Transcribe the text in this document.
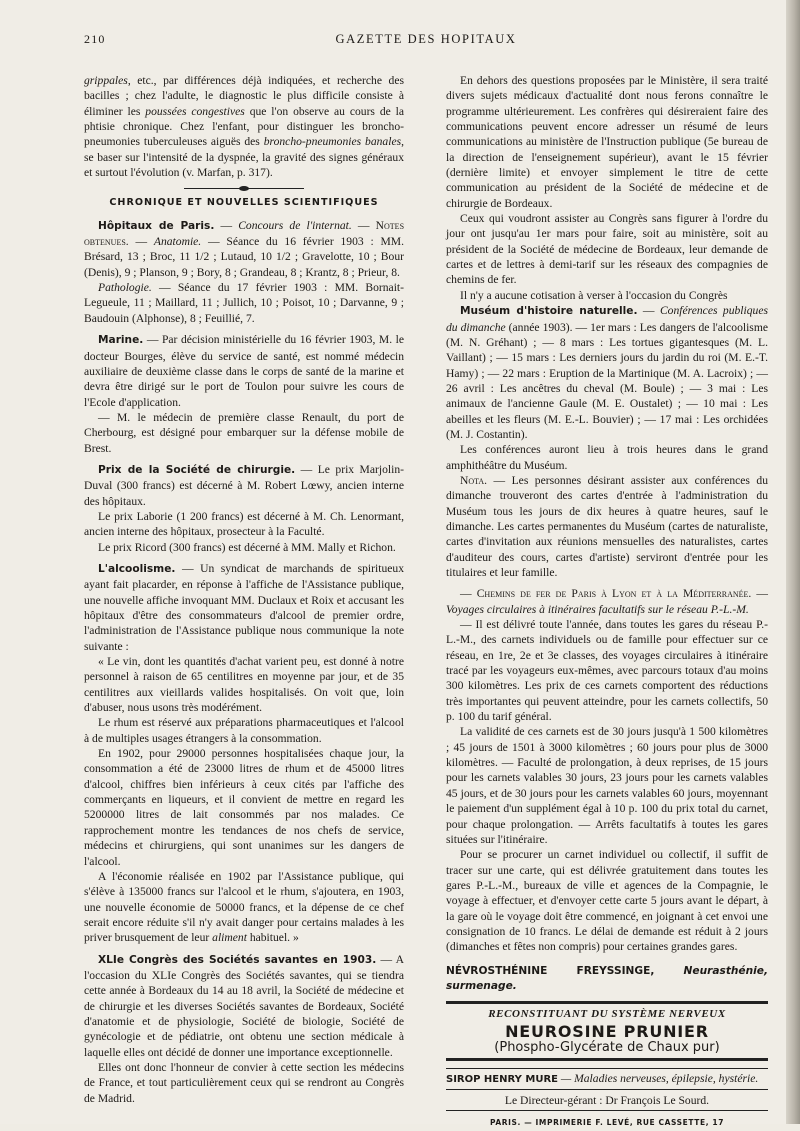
210	GAZETTE DES HOPITAUX

grippales, etc., par différences déjà indiquées, et recherche des bacilles ; chez l'adulte, le diagnostic le plus difficile consiste à éliminer les poussées congestives que l'on observe au cours de la phtisie chronique. Chez l'enfant, pour distinguer les broncho-pneumonies tuberculeuses aiguës des broncho-pneumonies banales, se baser sur l'intensité de la dyspnée, la gravité des signes généraux et surtout l'évolution (v. Marfan, p. 317).

CHRONIQUE ET NOUVELLES SCIENTIFIQUES

Hôpitaux de Paris. — Concours de l'internat. — Notes obtenues. — Anatomie. — Séance du 16 février 1903 : MM. Brésard, 13 ; Broc, 11 1/2 ; Lutaud, 10 1/2 ; Gravelotte, 10 ; Bour (Denis), 9 ; Planson, 9 ; Bory, 8 ; Grandeau, 8 ; Krantz, 8 ; Prieur, 8.

Pathologie. — Séance du 17 février 1903 : MM. Bornait-Legueule, 11 ; Maillard, 11 ; Jullich, 10 ; Poisot, 10 ; Darvanne, 9 ; Baudouin (Alphonse), 8 ; Feuillié, 7.

Marine. — Par décision ministérielle du 16 février 1903, M. le docteur Bourges, élève du service de santé, est nommé médecin auxiliaire de deuxième classe dans le corps de santé de la marine et devra être dirigé sur le port de Toulon pour suivre les cours de l'Ecole d'application.

— M. le médecin de première classe Renault, du port de Cherbourg, est désigné pour embarquer sur la défense mobile de Brest.

Prix de la Société de chirurgie. — Le prix Marjolin-Duval (300 francs) est décerné à M. Robert Lœwy, ancien interne des hôpitaux.

Le prix Laborie (1 200 francs) est décerné à M. Ch. Lenormant, ancien interne des hôpitaux, prosecteur à la Faculté.

Le prix Ricord (300 francs) est décerné à MM. Mally et Richon.

L'alcoolisme. — Un syndicat de marchands de spiritueux ayant fait placarder, en réponse à l'affiche de l'Assistance publique, une nouvelle affiche invoquant MM. Duclaux et Roix et accusant les hôpitaux d'être des consommateurs d'alcool de premier ordre, l'administration de l'Assistance publique nous communique la note suivante :

« Le vin, dont les quantités d'achat varient peu, est donné à notre personnel à raison de 65 centilitres en moyenne par jour, et de 35 centilitres aux vieillards valides hospitalisés. On voit que, loin d'abuser, nous usons très modérément.

Le rhum est réservé aux préparations pharmaceutiques et l'alcool à de multiples usages étrangers à la consommation.

En 1902, pour 29000 personnes hospitalisées chaque jour, la consommation a été de 23000 litres de rhum et de 45000 litres d'alcool, chiffres bien inférieurs à ceux cités par l'affiche des commerçants en liqueurs, et il convient de mettre en regard les 5200000 litres de lait consommés par nos malades. Ce rapprochement montre les tendances de nos chefs de service, médecins et chirurgiens, qui sont unanimes sur les dangers de l'alcool.

A l'économie réalisée en 1902 par l'Assistance publique, qui s'élève à 135000 francs sur l'alcool et le rhum, s'ajoutera, en 1903, une nouvelle économie de 50000 francs, et la dépense de ce chef serait encore réduite s'il n'y avait danger pour certains malades à les priver brusquement de leur aliment habituel. »

XLIe Congrès des Sociétés savantes en 1903. — A l'occasion du XLIe Congrès des Sociétés savantes, qui se tiendra cette année à Bordeaux du 14 au 18 avril, la Société de médecine et de chirurgie et les diverses Sociétés savantes de Bordeaux, Société d'anatomie et de physiologie, Société de biologie, Société de gynécologie et de pédiatrie, ont obtenu une section médicale à laquelle elles ont décidé de donner une importance exceptionnelle.

Elles ont donc l'honneur de convier à cette section les médecins de France, et tout particulièrement ceux qui se rendront au Congrès de Madrid.

En dehors des questions proposées par le Ministère, il sera traité divers sujets médicaux d'actualité dont nous ferons connaître le programme ultérieurement. Les confrères qui désireraient faire des communications peuvent encore adresser un résumé de leurs communications au ministère de l'Instruction publique (5e bureau de la direction de l'enseignement supérieur), avant le 15 février (dernière limite) et envoyer simplement le titre de cette communication au président de la Société de médecine et de chirurgie de Bordeaux.

Ceux qui voudront assister au Congrès sans figurer à l'ordre du jour ont jusqu'au 1er mars pour faire, soit au ministère, soit au président de la Société de médecine de Bordeaux, leur demande de cartes et de lettres à demi-tarif sur les réseaux des compagnies de chemins de fer.

Il n'y a aucune cotisation à verser à l'occasion du Congrès

Muséum d'histoire naturelle. — Conférences publiques du dimanche (année 1903). — 1er mars : Les dangers de l'alcoolisme (M. N. Gréhant) ; — 8 mars : Les tortues gigantesques (M. L. Vaillant) ; — 15 mars : Les derniers jours du jardin du roi (M. E.-T. Hamy) ; — 22 mars : Eruption de la Martinique (M. A. Lacroix) ; — 26 avril : Les ancêtres du cheval (M. Boule) ; — 3 mai : Les animaux de l'ancienne Gaule (M. E. Oustalet) ; — 10 mai : Les abeilles et les fleurs (M. E.-L. Bouvier) ; — 17 mai : Les orchidées (M. J. Costantin).

Les conférences auront lieu à trois heures dans le grand amphithéâtre du Muséum.

Nota. — Les personnes désirant assister aux conférences du dimanche trouveront des cartes d'entrée à l'administration du Muséum tous les jours de dix heures à quatre heures, sauf le dimanche. Les cartes permanentes du Muséum (cartes de naturaliste, cartes d'invitation aux réunions mensuelles des naturalistes, cartes d'auditeur des cours, cartes d'artiste) serviront d'entrée pour les titulaires et leur famille.

— Chemins de fer de Paris à Lyon et à la Méditerranée. — Voyages circulaires à itinéraires facultatifs sur le réseau P.-L.-M.

— Il est délivré toute l'année, dans toutes les gares du réseau P.-L.-M., des carnets individuels ou de famille pour effectuer sur ce réseau, en 1re, 2e et 3e classes, des voyages circulaires à itinéraire tracé par les voyageurs eux-mêmes, avec parcours totaux d'au moins 300 kilomètres. Les prix de ces carnets comportent des réductions très importantes qui peuvent atteindre, pour les carnets collectifs, 50 p. 100 du tarif général.

La validité de ces carnets est de 30 jours jusqu'à 1 500 kilomètres ; 45 jours de 1501 à 3000 kilomètres ; 60 jours pour plus de 3000 kilomètres. — Faculté de prolongation, à deux reprises, de 15 jours pour les carnets valables 30 jours, 23 jours pour les carnets valables 45 jours, et de 30 jours pour les carnets valables 60 jours, moyennant le paiement d'un supplément égal à 10 p. 100 du prix total du carnet, pour chaque prolongation. — Arrêts facultatifs à toutes les gares situées sur l'itinéraire.

Pour se procurer un carnet individuel ou collectif, il suffit de tracer sur une carte, qui est délivrée gratuitement dans toutes les gares P.-L.-M., bureaux de ville et agences de la Compagnie, le voyage à effectuer, et d'envoyer cette carte 5 jours avant le départ, à la gare où le voyage doit être commencé, en joignant à cet envoi une consignation de 10 francs. Le délai de demande est réduit à 2 jours (dimanches et fêtes non compris) pour certaines grandes gares.

NÉVROSTHÉNINE FREYSSINGE,	Neurasthénie, surmenage.
RECONSTITUANT DU SYSTÈME NERVEUX
NEUROSINE PRUNIER
(Phospho-Glycérate de Chaux pur)
SIROP HENRY MURE — Maladies nerveuses, épilepsie, hystérie.
Le Directeur-gérant : Dr François Le Sourd.
PARIS. — IMPRIMERIE F. LEVÉ, RUE CASSETTE, 17
